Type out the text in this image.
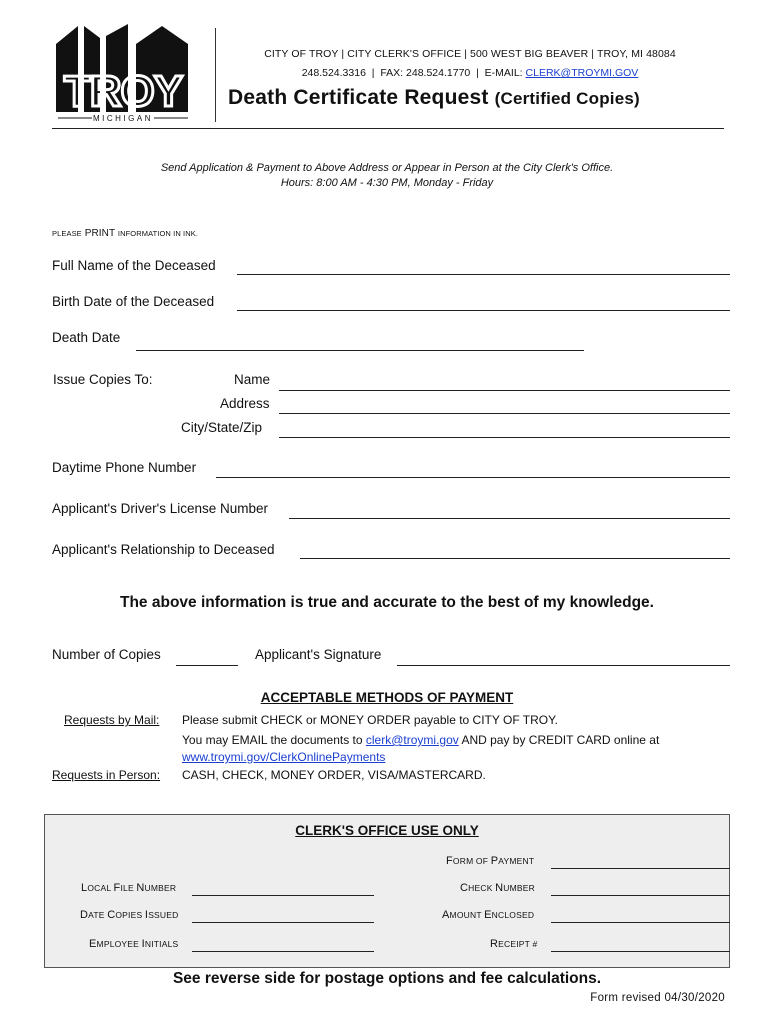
TROY
MICHIGAN
CITY OF TROY | CITY CLERK'S OFFICE | 500 WEST BIG BEAVER | TROY, MI 48084
248.524.3316 | FAX: 248.524.1770 | E-MAIL: CLERK@TROYMI.GOV
Death Certificate Request (Certified Copies)
Send Application & Payment to Above Address or Appear in Person at the City Clerk's Office.
Hours: 8:00 AM - 4:30 PM, Monday - Friday
PLEASE PRINT INFORMATION IN INK.
Full Name of the Deceased
Birth Date of the Deceased
Death Date
Issue Copies To:	Name
Address
City/State/Zip
Daytime Phone Number
Applicant's Driver's License Number
Applicant's Relationship to Deceased
The above information is true and accurate to the best of my knowledge.
Number of Copies	Applicant's Signature
ACCEPTABLE METHODS OF PAYMENT
Requests by Mail: Please submit CHECK or MONEY ORDER payable to CITY OF TROY.
You may EMAIL the documents to clerk@troymi.gov AND pay by CREDIT CARD online at
www.troymi.gov/ClerkOnlinePayments
Requests in Person: CASH, CHECK, MONEY ORDER, VISA/MASTERCARD.
CLERK'S OFFICE USE ONLY
FORM OF PAYMENT
LOCAL FILE NUMBER	CHECK NUMBER
DATE COPIES ISSUED	AMOUNT ENCLOSED
EMPLOYEE INITIALS	RECEIPT #
See reverse side for postage options and fee calculations.
Form revised 04/30/2020
